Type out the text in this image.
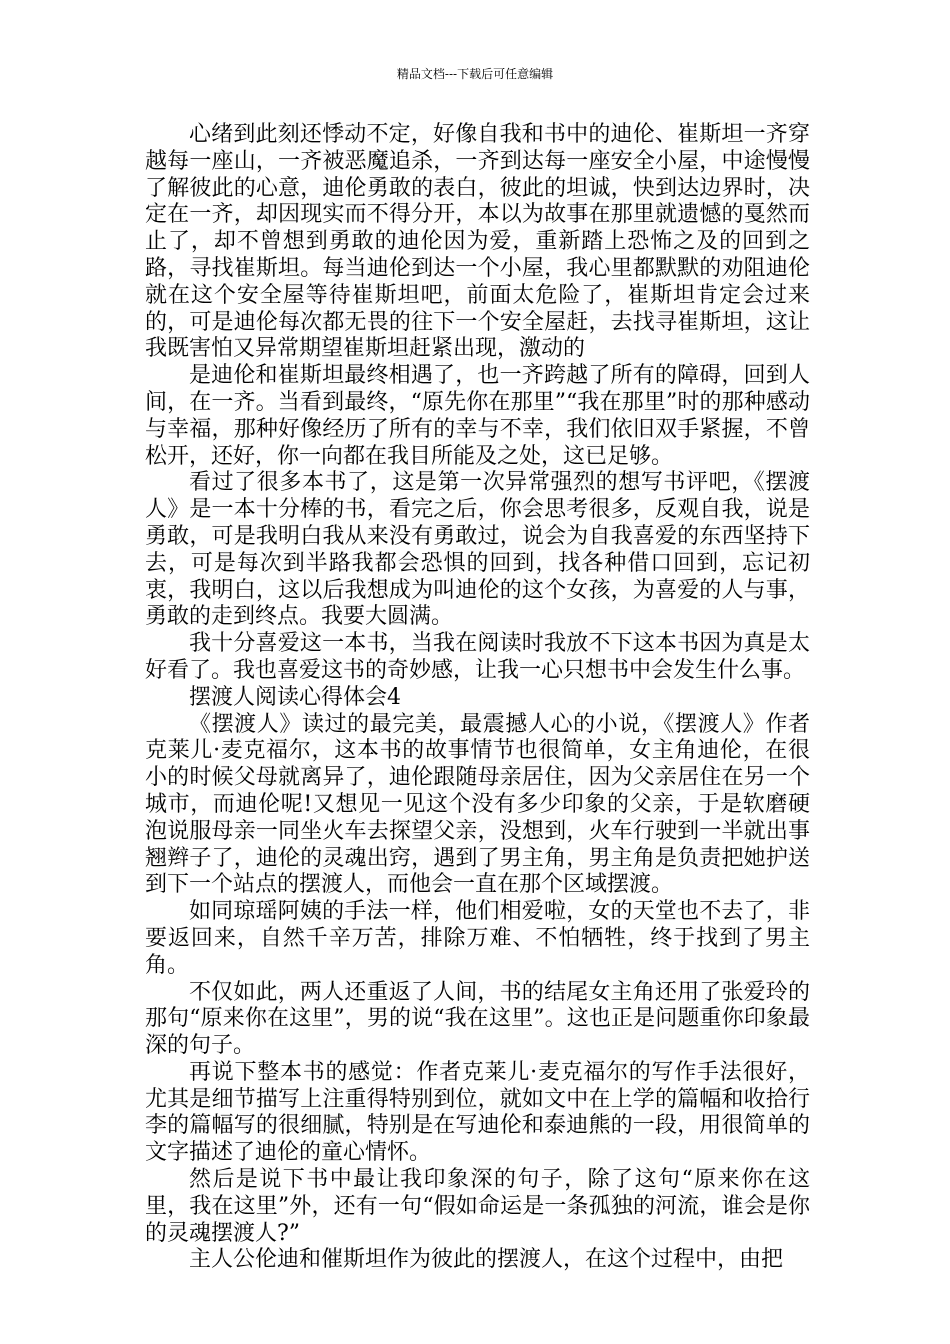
精品文档---下载后可任意编辑

心绪到此刻还悸动不定，好像自我和书中的迪伦、崔斯坦一齐穿越每一座山，一齐被恶魔追杀，一齐到达每一座安全小屋，中途慢慢了解彼此的心意，迪伦勇敢的表白，彼此的坦诚，快到达边界时，决定在一齐，却因现实而不得分开，本以为故事在那里就遗憾的戛然而止了，却不曾想到勇敢的迪伦因为爱，重新踏上恐怖之及的回到之路，寻找崔斯坦。每当迪伦到达一个小屋，我心里都默默的劝阻迪伦就在这个安全屋等待崔斯坦吧，前面太危险了，崔斯坦肯定会过来的，可是迪伦每次都无畏的往下一个安全屋赶，去找寻崔斯坦，这让我既害怕又异常期望崔斯坦赶紧出现，激动的

是迪伦和崔斯坦最终相遇了，也一齐跨越了所有的障碍，回到人间，在一齐。当看到最终，“原先你在那里”“我在那里”时的那种感动与幸福，那种好像经历了所有的幸与不幸，我们依旧双手紧握，不曾松开，还好，你一向都在我目所能及之处，这已足够。

看过了很多本书了，这是第一次异常强烈的想写书评吧，《摆渡人》是一本十分棒的书，看完之后，你会思考很多，反观自我，说是勇敢，可是我明白我从来没有勇敢过，说会为自我喜爱的东西坚持下去，可是每次到半路我都会恐惧的回到，找各种借口回到，忘记初衷，我明白，这以后我想成为叫迪伦的这个女孩，为喜爱的人与事，勇敢的走到终点。我要大圆满。

我十分喜爱这一本书，当我在阅读时我放不下这本书因为真是太好看了。我也喜爱这书的奇妙感，让我一心只想书中会发生什么事。

摆渡人阅读心得体会4

《摆渡人》读过的最完美，最震撼人心的小说，《摆渡人》作者克莱儿·麦克福尔，这本书的故事情节也很简单，女主角迪伦，在很小的时候父母就离异了，迪伦跟随母亲居住，因为父亲居住在另一个城市，而迪伦呢!又想见一见这个没有多少印象的父亲，于是软磨硬泡说服母亲一同坐火车去探望父亲，没想到，火车行驶到一半就出事翘辫子了，迪伦的灵魂出窍，遇到了男主角，男主角是负责把她护送到下一个站点的摆渡人，而他会一直在那个区域摆渡。

如同琼瑶阿姨的手法一样，他们相爱啦，女的天堂也不去了，非要返回来，自然千辛万苦，排除万难、不怕牺牲，终于找到了男主角。

不仅如此，两人还重返了人间，书的结尾女主角还用了张爱玲的那句“原来你在这里”，男的说“我在这里”。这也正是问题重你印象最深的句子。

再说下整本书的感觉：作者克莱儿·麦克福尔的写作手法很好，尤其是细节描写上注重得特别到位，就如文中在上学的篇幅和收拾行李的篇幅写的很细腻，特别是在写迪伦和泰迪熊的一段，用很简单的文字描述了迪伦的童心情怀。

然后是说下书中最让我印象深的句子，除了这句“原来你在这里，我在这里”外，还有一句“假如命运是一条孤独的河流，谁会是你的灵魂摆渡人?”

主人公伦迪和催斯坦作为彼此的摆渡人，在这个过程中，由把
